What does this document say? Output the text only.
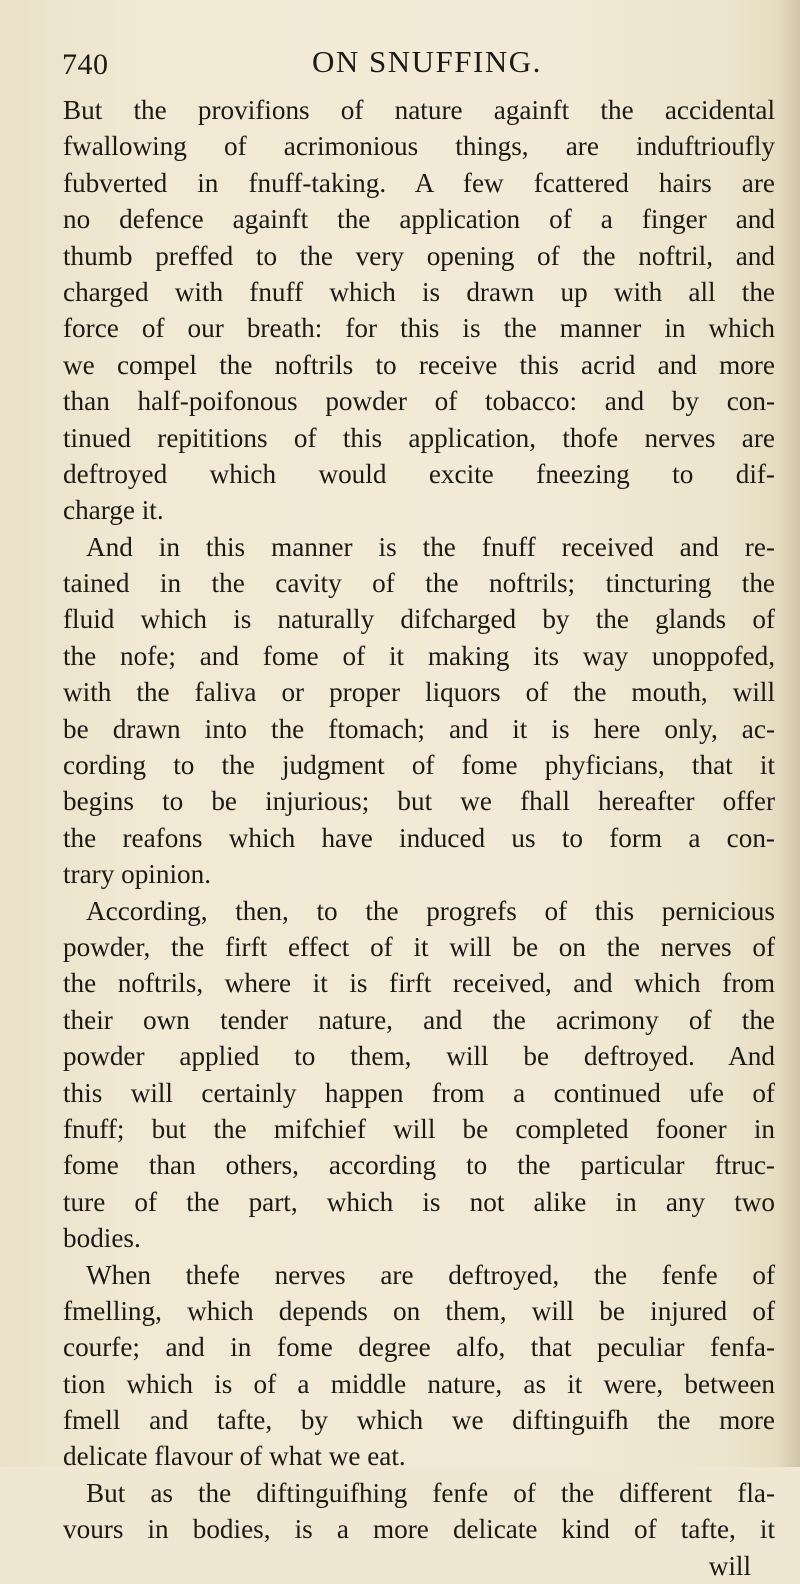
740	ON SNUFFING.
But the provifions of nature againft the accidental
fwallowing of acrimonious things, are induftrioufly
fubverted in fnuff-taking. A few fcattered hairs are
no defence againft the application of a finger and
thumb preffed to the very opening of the noftril, and
charged with fnuff which is drawn up with all the
force of our breath: for this is the manner in which
we compel the noftrils to receive this acrid and more
than half-poifonous powder of tobacco: and by con-
tinued repititions of this application, thofe nerves are
deftroyed which would excite fneezing to dif-
charge it.
And in this manner is the fnuff received and re-
tained in the cavity of the noftrils; tincturing the
fluid which is naturally difcharged by the glands of
the nofe; and fome of it making its way unoppofed,
with the faliva or proper liquors of the mouth, will
be drawn into the ftomach; and it is here only, ac-
cording to the judgment of fome phyficians, that it
begins to be injurious; but we fhall hereafter offer
the reafons which have induced us to form a con-
trary opinion.
According, then, to the progrefs of this pernicious
powder, the firft effect of it will be on the nerves of
the noftrils, where it is firft received, and which from
their own tender nature, and the acrimony of the
powder applied to them, will be deftroyed. And
this will certainly happen from a continued ufe of
fnuff; but the mifchief will be completed fooner in
fome than others, according to the particular ftruc-
ture of the part, which is not alike in any two
bodies.
When thefe nerves are deftroyed, the fenfe of
fmelling, which depends on them, will be injured of
courfe; and in fome degree alfo, that peculiar fenfa-
tion which is of a middle nature, as it were, between
fmell and tafte, by which we diftinguifh the more
delicate flavour of what we eat.
But as the diftinguifhing fenfe of the different fla-
vours in bodies, is a more delicate kind of tafte, it
will
